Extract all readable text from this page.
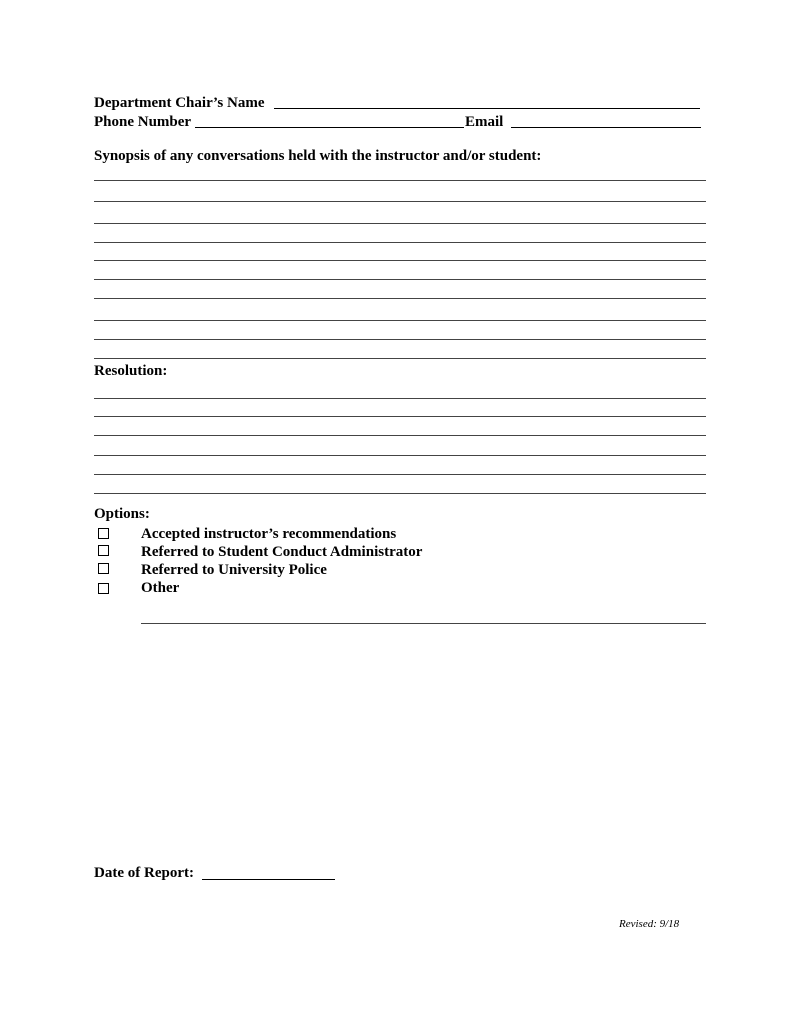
Department Chair’s Name
Phone Number	Email
Synopsis of any conversations held with the instructor and/or student:
Resolution:
Options:
Accepted instructor’s recommendations
Referred to Student Conduct Administrator
Referred to University Police
Other
Date of Report:
Revised: 9/18
